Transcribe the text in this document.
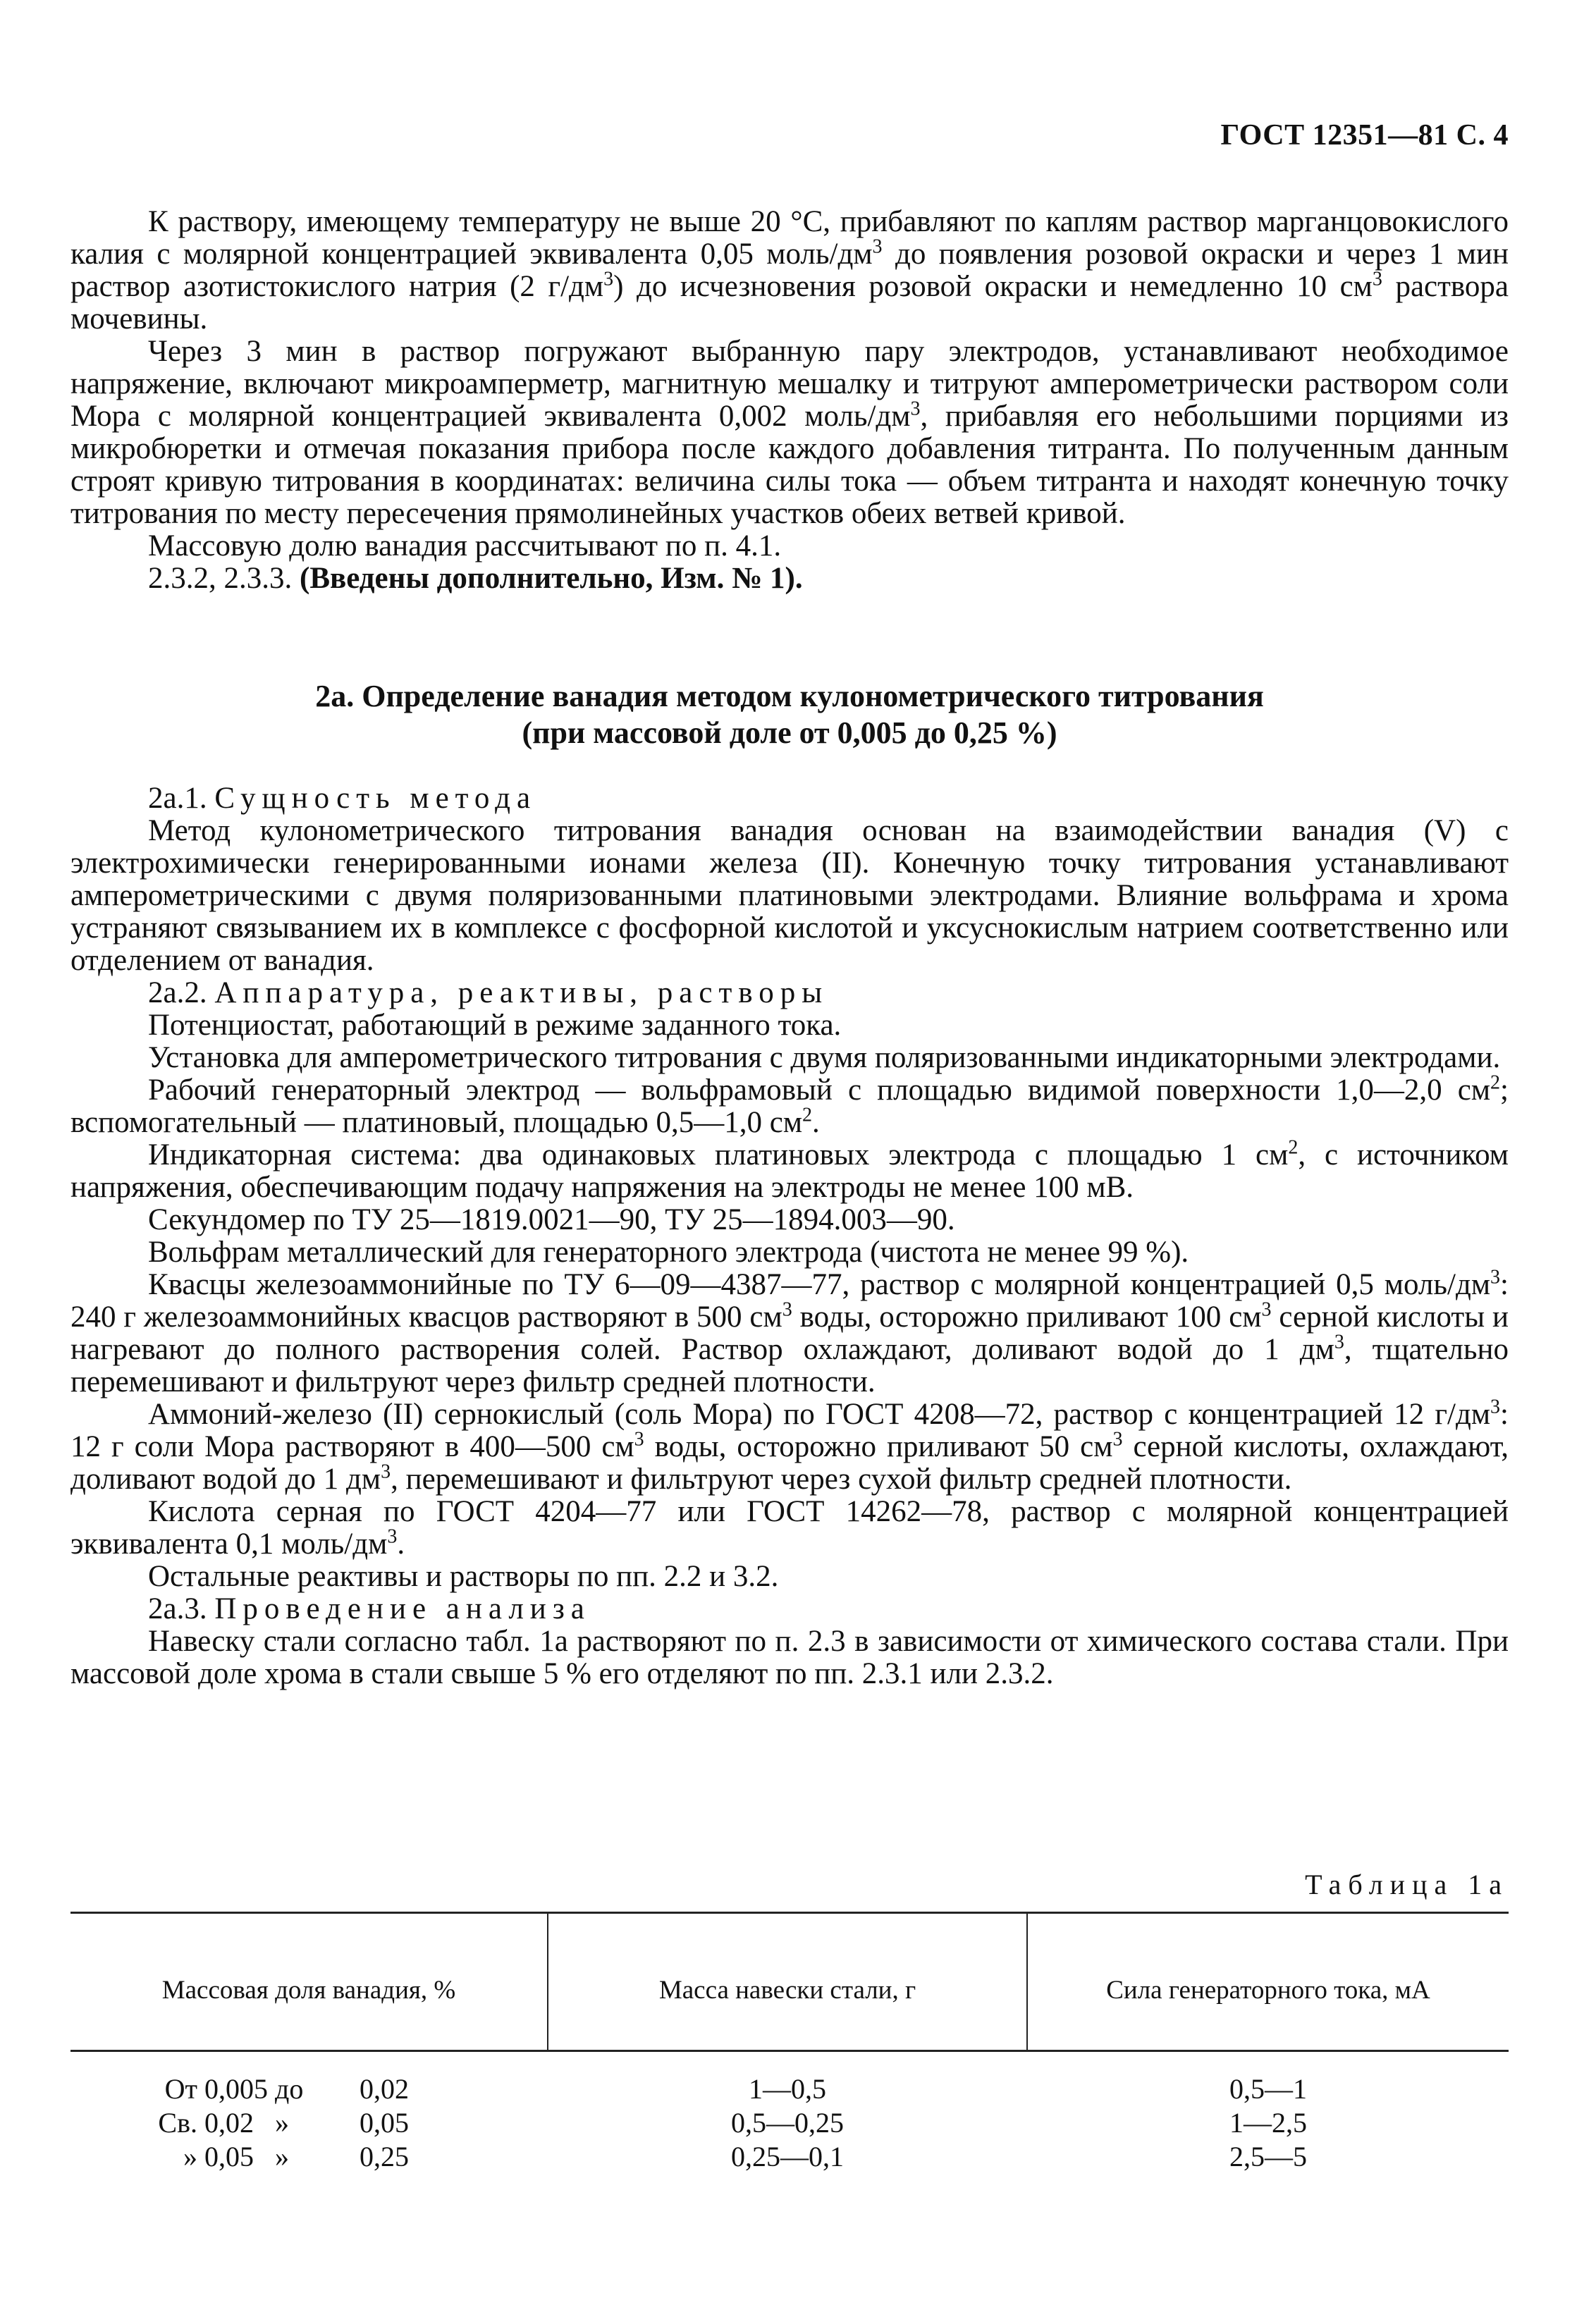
ГОСТ 12351—81 С. 4

К раствору, имеющему температуру не выше 20 °С, прибавляют по каплям раствор марганцовокислого калия с молярной концентрацией эквивалента 0,05 моль/$дм^3$ до появления розовой окраски и через 1 мин раствор азотистокислого натрия (2 $г/дм^3$) до исчезновения розовой окраски и немедленно 10 $см^3$ раствора мочевины.

Через 3 мин в раствор погружают выбранную пару электродов, устанавливают необходимое напряжение, включают микроамперметр, магнитную мешалку и титруют амперометрически раствором соли Мора с молярной концентрацией эквивалента 0,002 моль/$дм^3$, прибавляя его небольшими порциями из микробюретки и отмечая показания прибора после каждого добавления титранта. По полученным данным строят кривую титрования в координатах: величина силы тока — объем титранта и находят конечную точку титрования по месту пересечения прямолинейных участков обеих ветвей кривой.

Массовую долю ванадия рассчитывают по п. 4.1.

2.3.2, 2.3.3. (Введены дополнительно, Изм. № 1).

2а. Определение ванадия методом кулонометрического титрования
(при массовой доле от 0,005 до 0,25 %)

2а.1. Сущность метода

Метод кулонометрического титрования ванадия основан на взаимодействии ванадия (V) с электрохимически генерированными ионами железа (II). Конечную точку титрования устанавливают амперометрическими с двумя поляризованными платиновыми электродами. Влияние вольфрама и хрома устраняют связыванием их в комплексе с фосфорной кислотой и уксуснокислым натрием соответственно или отделением от ванадия.

2а.2. Аппаратура, реактивы, растворы

Потенциостат, работающий в режиме заданного тока.

Установка для амперометрического титрования с двумя поляризованными индикаторными электродами.

Рабочий генераторный электрод — вольфрамовый с площадью видимой поверхности 1,0—2,0 $см^2$; вспомогательный — платиновый, площадью 0,5—1,0 $см^2$.

Индикаторная система: два одинаковых платиновых электрода с площадью 1 $см^2$, с источником напряжения, обеспечивающим подачу напряжения на электроды не менее 100 мВ.

Секундомер по ТУ 25—1819.0021—90, ТУ 25—1894.003—90.

Вольфрам металлический для генераторного электрода (чистота не менее 99 %).

Квасцы железоаммонийные по ТУ 6—09—4387—77, раствор с молярной концентрацией 0,5 моль/$дм^3$: 240 г железоаммонийных квасцов растворяют в 500 $см^3$ воды, осторожно приливают 100 $см^3$ серной кислоты и нагревают до полного растворения солей. Раствор охлаждают, доливают водой до 1 $дм^3$, тщательно перемешивают и фильтруют через фильтр средней плотности.

Аммоний-железо (II) сернокислый (соль Мора) по ГОСТ 4208—72, раствор с концентрацией 12 $г/дм^3$: 12 г соли Мора растворяют в 400—500 $см^3$ воды, осторожно приливают 50 $см^3$ серной кислоты, охлаждают, доливают водой до 1 $дм^3$, перемешивают и фильтруют через сухой фильтр средней плотности.

Кислота серная по ГОСТ 4204—77 или ГОСТ 14262—78, раствор с молярной концентрацией эквивалента 0,1 моль/$дм^3$.

Остальные реактивы и растворы по пп. 2.2 и 3.2.

2а.3. Проведение анализа

Навеску стали согласно табл. 1а растворяют по п. 2.3 в зависимости от химического состава стали. При массовой доле хрома в стали свыше 5 % его отделяют по пп. 2.3.1 или 2.3.2.

Таблица 1а
Массовая доля ванадия, %	Масса навески стали, г	Сила генераторного тока, мА
От 0,005 до	0,02	1—0,5	0,5—1
Св. 0,02   »	0,05	0,5—0,25	1—2,5
» 0,05   »	0,25	0,25—0,1	2,5—5
